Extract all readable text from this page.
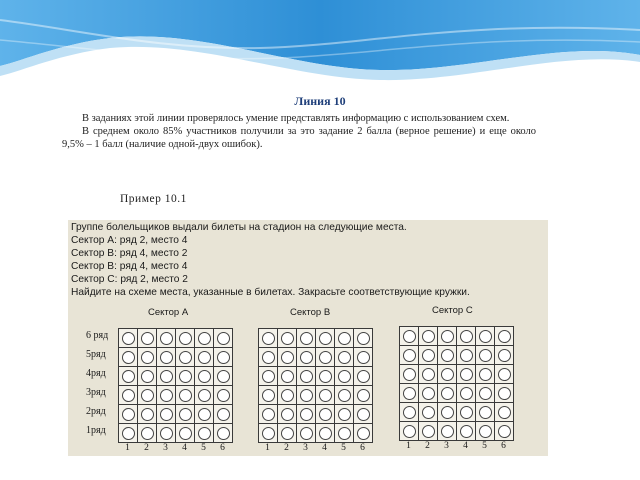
Линия 10

В заданиях этой линии проверялось умение представлять информацию с использованием схем.

В среднем около 85% участников получили за это задание 2 балла (верное решение) и еще около 9,5% – 1 балл (наличие одной-двух ошибок).

Пример 10.1
Группе болельщиков выдали билеты на стадион на следующие места.
Сектор А: ряд 2, место 4
Сектор В: ряд 4, место 2
Сектор В: ряд 4, место 4
Сектор С: ряд 2, место 2
Найдите на схеме места, указанные в билетах. Закрасьте соответствующие кружки.
Сектор А	Сектор В	Сектор С
6 ряд
5ряд
4ряд
3ряд
2ряд
1ряд
1	2	3	4	5	6	1	2	3	4	5	6	1	2	3	4	5	6
